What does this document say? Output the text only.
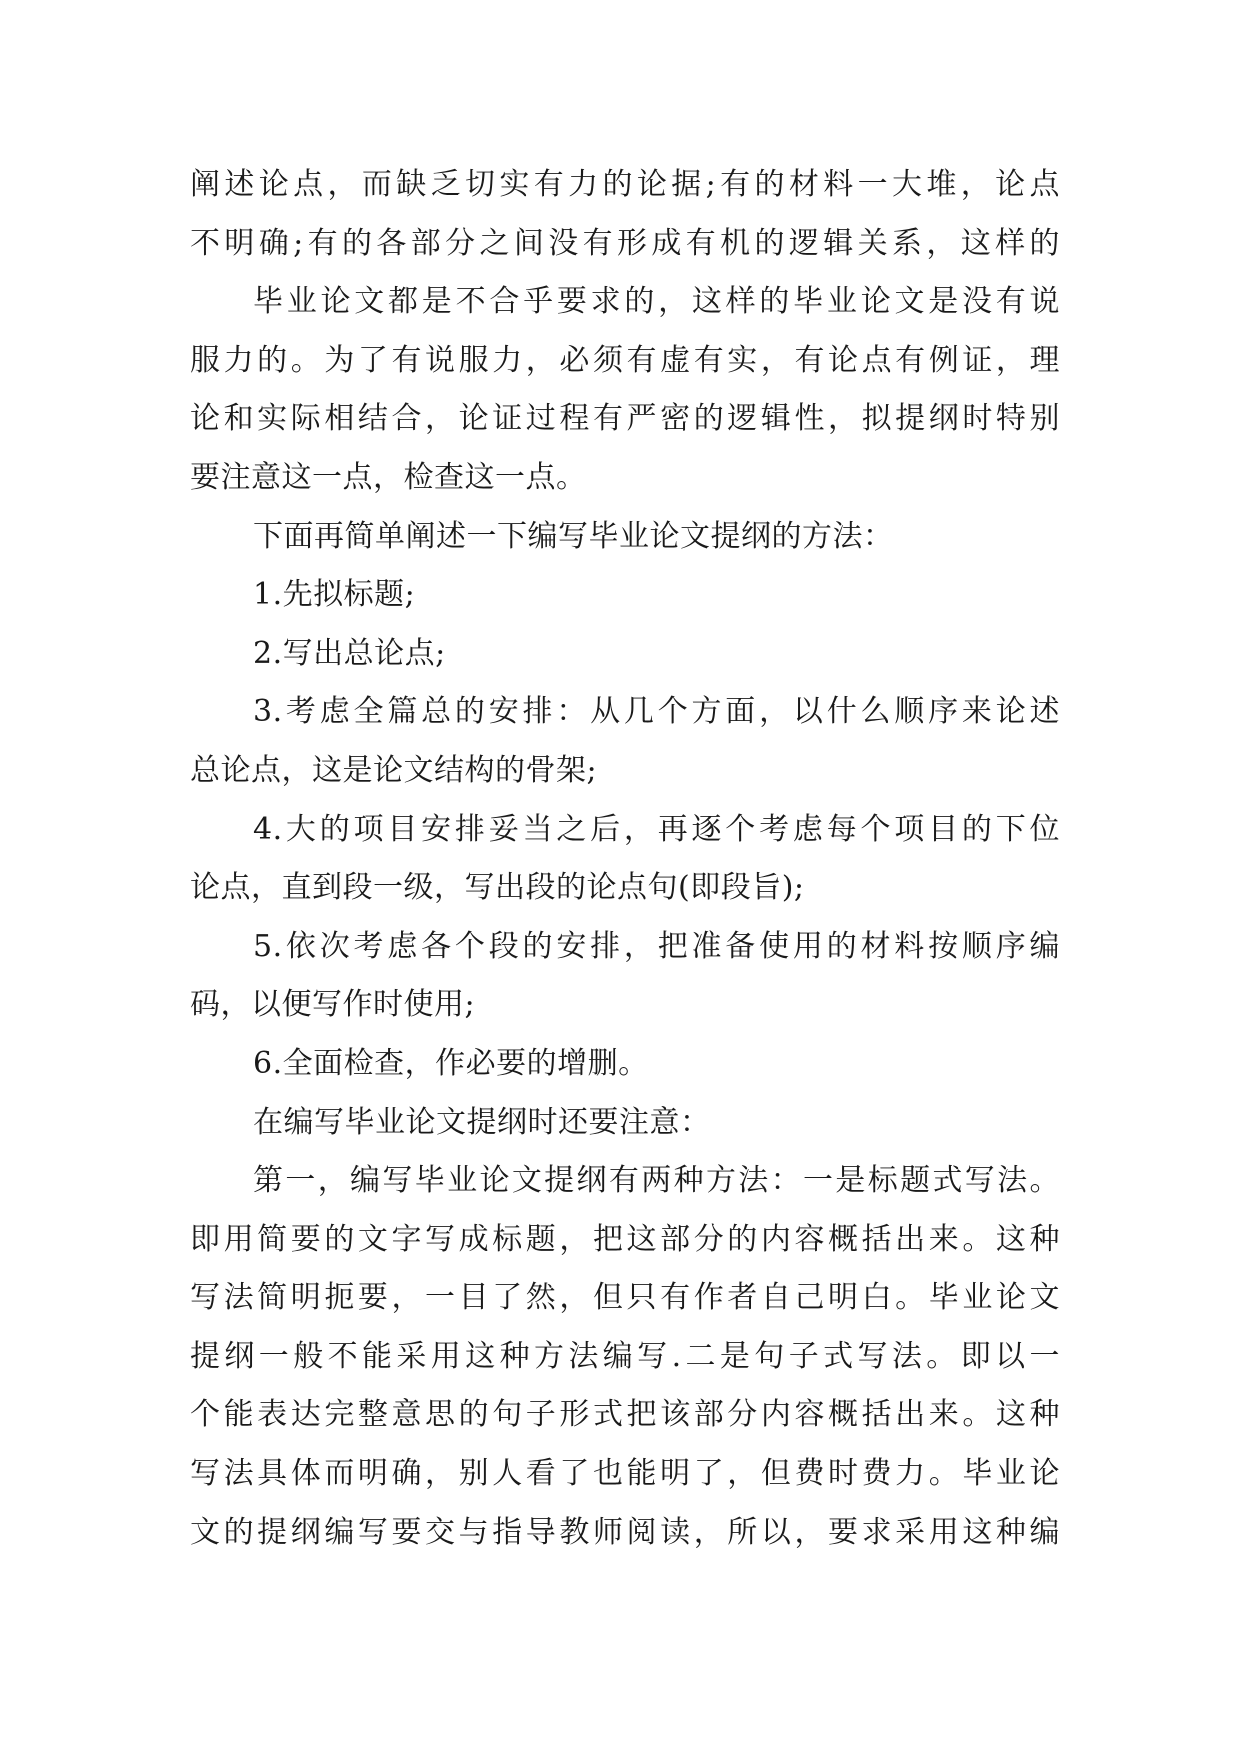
阐述论点，而缺乏切实有力的论据;有的材料一大堆，论点
不明确;有的各部分之间没有形成有机的逻辑关系，这样的
毕业论文都是不合乎要求的，这样的毕业论文是没有说
服力的。为了有说服力，必须有虚有实，有论点有例证，理
论和实际相结合，论证过程有严密的逻辑性，拟提纲时特别
要注意这一点，检查这一点。
下面再简单阐述一下编写毕业论文提纲的方法：
1.先拟标题;
2.写出总论点;
3.考虑全篇总的安排：从几个方面，以什么顺序来论述
总论点，这是论文结构的骨架;
4.大的项目安排妥当之后，再逐个考虑每个项目的下位
论点，直到段一级，写出段的论点句(即段旨);
5.依次考虑各个段的安排，把准备使用的材料按顺序编
码，以便写作时使用;
6.全面检查，作必要的增删。
在编写毕业论文提纲时还要注意：
第一，编写毕业论文提纲有两种方法：一是标题式写法。
即用简要的文字写成标题，把这部分的内容概括出来。这种
写法简明扼要，一目了然，但只有作者自己明白。毕业论文
提纲一般不能采用这种方法编写.二是句子式写法。即以一
个能表达完整意思的句子形式把该部分内容概括出来。这种
写法具体而明确，别人看了也能明了，但费时费力。毕业论
文的提纲编写要交与指导教师阅读，所以，要求采用这种编
